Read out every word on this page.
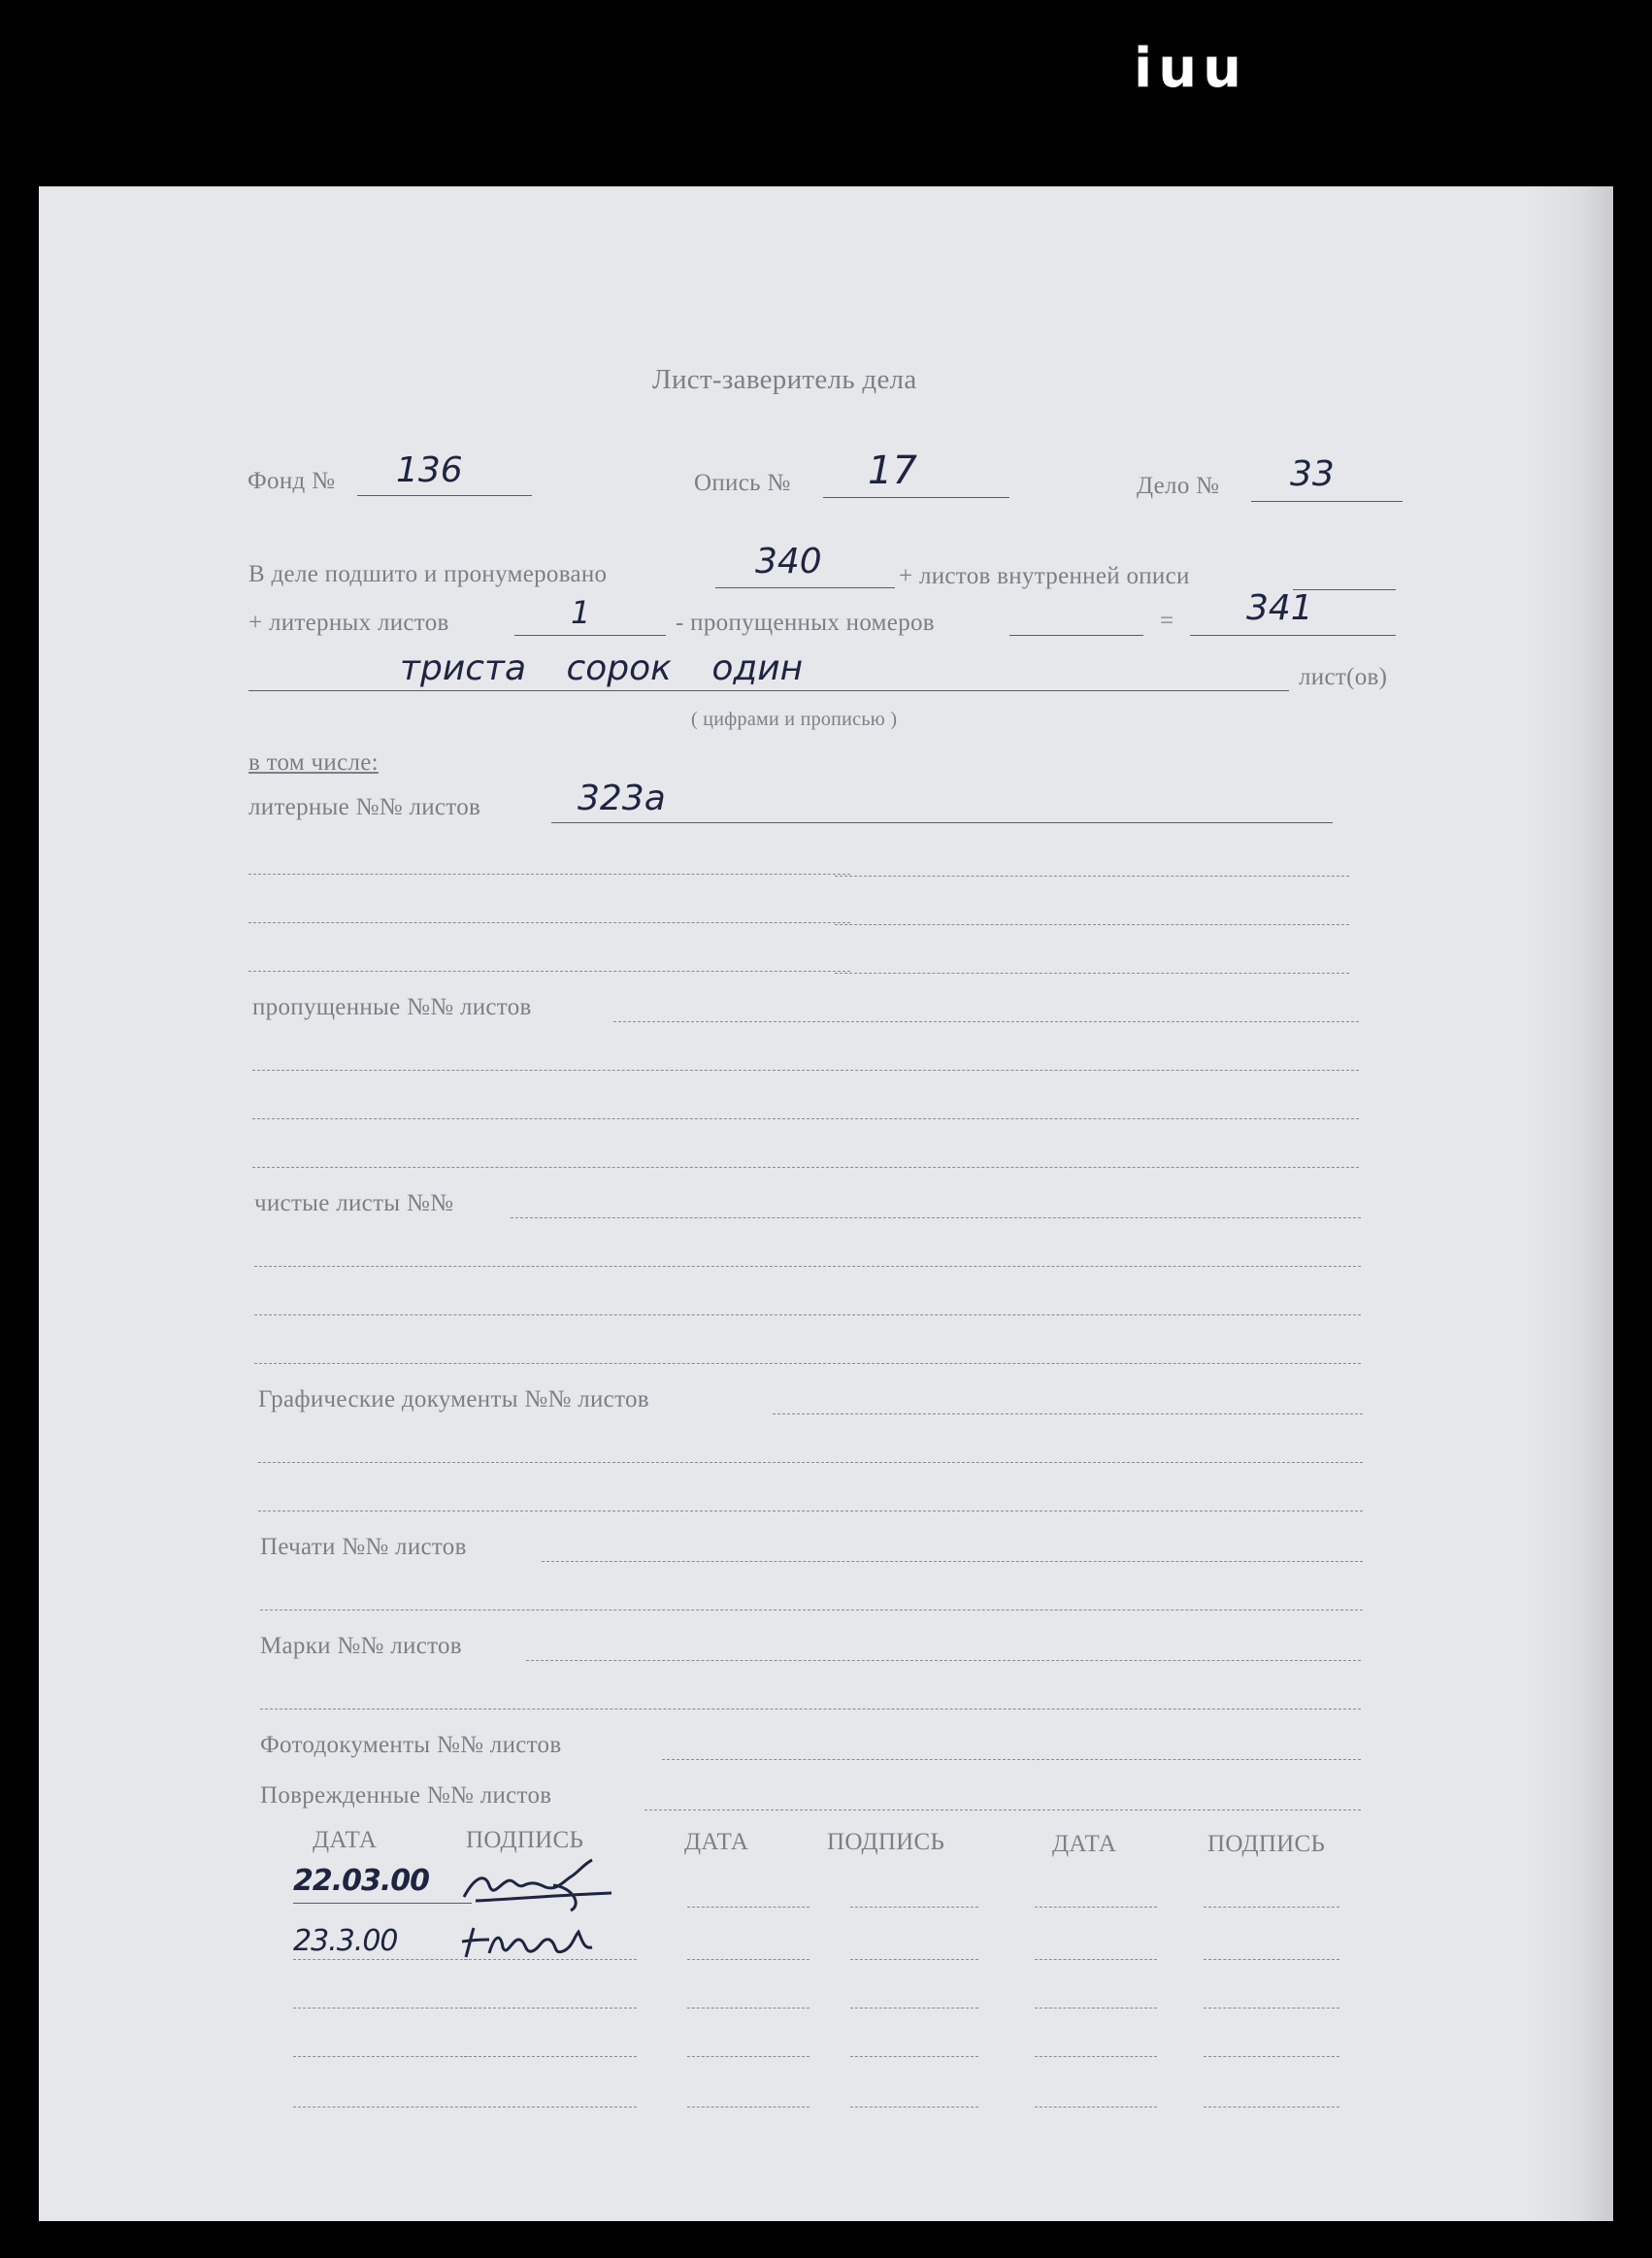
iuu
Лист-заверитель дела
Фонд № 136	Опись № 17	Дело № 33
В деле подшито и пронумеровано	340	+ листов внутренней описи
+ литерных листов	1	- пропущенных номеров	= 341
триста сорок один	лист(ов)
( цифрами и прописью )
в том числе:
литерные №№ листов	323а
пропущенные №№ листов
чистые листы №№
Графические документы №№ листов
Печати №№ листов
Марки №№ листов
Фотодокументы №№ листов
Поврежденные №№ листов
ДАТА	ПОДПИСЬ	ДАТА	ПОДПИСЬ	ДАТА	ПОДПИСЬ
22.03.00
23.3.00
